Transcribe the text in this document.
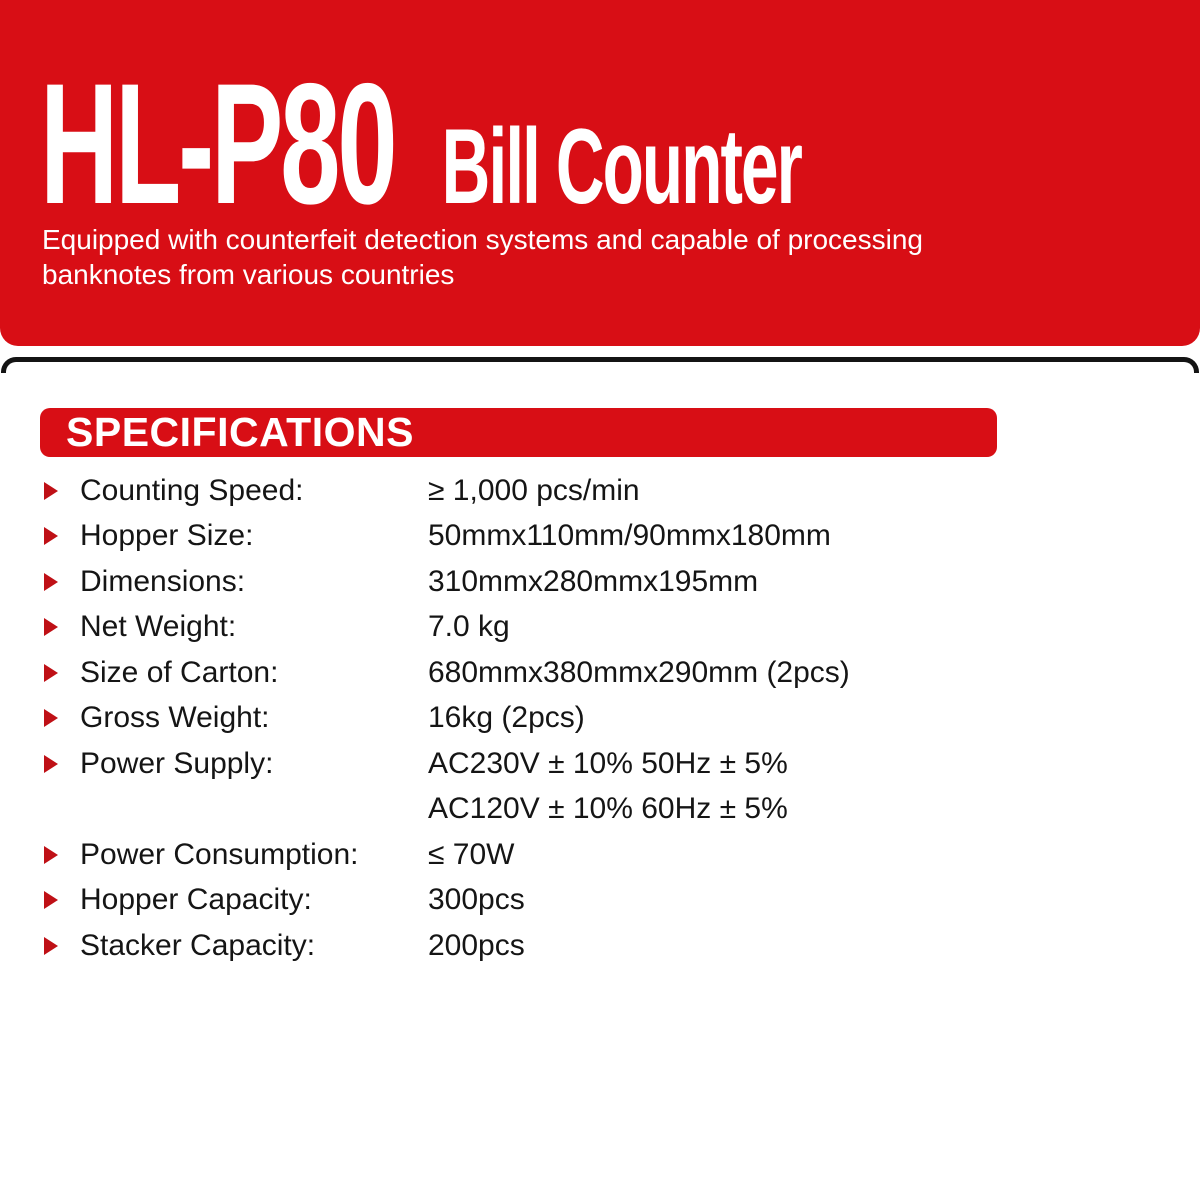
HL-P80 Bill Counter
Equipped with counterfeit detection systems and capable of processing banknotes from various countries
SPECIFICATIONS
Counting Speed:	≥ 1,000 pcs/min
Hopper Size:	50mmx110mm/90mmx180mm
Dimensions:	310mmx280mmx195mm
Net Weight:	7.0 kg
Size of Carton:	680mmx380mmx290mm (2pcs)
Gross Weight:	16kg (2pcs)
Power Supply:	AC230V ± 10% 50Hz ± 5%
AC120V ± 10% 60Hz ± 5%
Power Consumption:	≤ 70W
Hopper Capacity:	300pcs
Stacker Capacity:	200pcs
